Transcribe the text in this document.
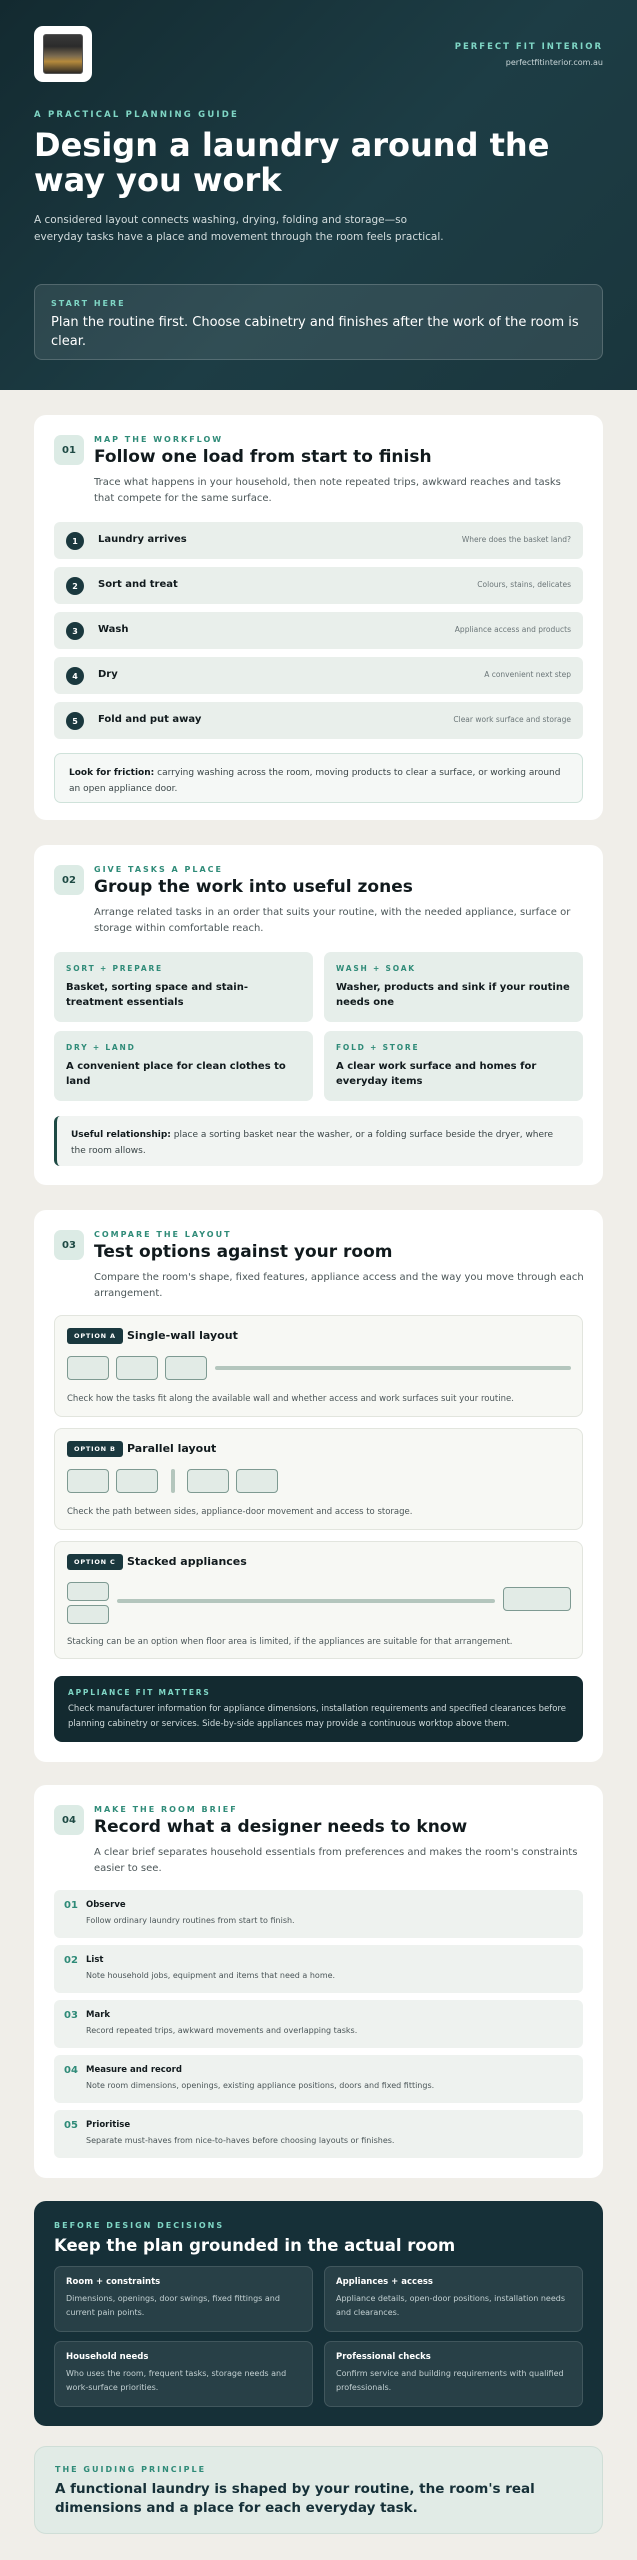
PERFECT FIT INTERIOR
perfectfitinterior.com.au
A PRACTICAL PLANNING GUIDE
Design a laundry around the way you work

A considered layout connects washing, drying, folding and storage—so everyday tasks have a place and movement through the room feels practical.

START HERE
Plan the routine first. Choose cabinetry and finishes after the work of the room is clear.
01
MAP THE WORKFLOW
Follow one load from start to finish
Trace what happens in your household, then note repeated trips, awkward reaches and tasks that compete for the same surface.
1	Laundry arrives	Where does the basket land?
2	Sort and treat	Colours, stains, delicates
3	Wash	Appliance access and products
4	Dry	A convenient next step
5	Fold and put away	Clear work surface and storage
Look for friction: carrying washing across the room, moving products to clear a surface, or working around an open appliance door.
02
GIVE TASKS A PLACE
Group the work into useful zones
Arrange related tasks in an order that suits your routine, with the needed appliance, surface or storage within comfortable reach.
SORT + PREPARE
Basket, sorting space and stain-treatment essentials
WASH + SOAK
Washer, products and sink if your routine needs one
DRY + LAND
A convenient place for clean clothes to land
FOLD + STORE
A clear work surface and homes for everyday items
Useful relationship: place a sorting basket near the washer, or a folding surface beside the dryer, where the room allows.
03
COMPARE THE LAYOUT
Test options against your room
Compare the room's shape, fixed features, appliance access and the way you move through each arrangement.
OPTION A	Single-wall layout
Check how the tasks fit along the available wall and whether access and work surfaces suit your routine.
OPTION B	Parallel layout
Check the path between sides, appliance-door movement and access to storage.
OPTION C	Stacked appliances
Stacking can be an option when floor area is limited, if the appliances are suitable for that arrangement.
APPLIANCE FIT MATTERS
Check manufacturer information for appliance dimensions, installation requirements and specified clearances before planning cabinetry or services. Side-by-side appliances may provide a continuous worktop above them.
04
MAKE THE ROOM BRIEF
Record what a designer needs to know
A clear brief separates household essentials from preferences and makes the room's constraints easier to see.
01 Observe
Follow ordinary laundry routines from start to finish.
02 List
Note household jobs, equipment and items that need a home.
03 Mark
Record repeated trips, awkward movements and overlapping tasks.
04 Measure and record
Note room dimensions, openings, existing appliance positions, doors and fixed fittings.
05 Prioritise
Separate must-haves from nice-to-haves before choosing layouts or finishes.
BEFORE DESIGN DECISIONS
Keep the plan grounded in the actual room
Room + constraints
Dimensions, openings, door swings, fixed fittings and current pain points.
Appliances + access
Appliance details, open-door positions, installation needs and clearances.
Household needs
Who uses the room, frequent tasks, storage needs and work-surface priorities.
Professional checks
Confirm service and building requirements with qualified professionals.
THE GUIDING PRINCIPLE
A functional laundry is shaped by your routine, the room's real dimensions and a place for each everyday task.
